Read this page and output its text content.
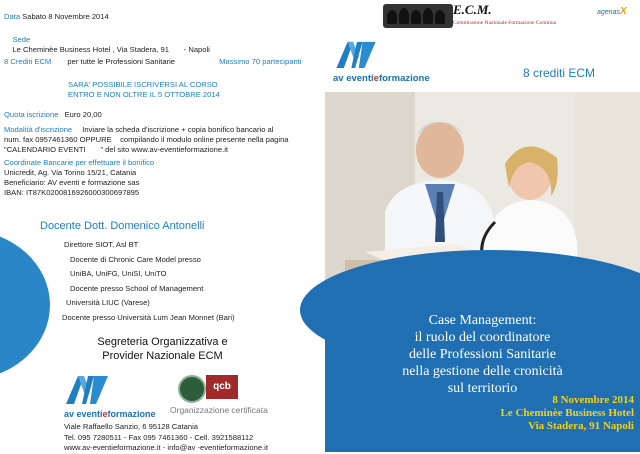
Data Sabato 8 Novembre 2014

Sede
Le Cheminèe Business Hotel , Via Stadera, 91       - Napoli

8 Crediti ECM per tutte le Professioni Sanitarie	Massimo 70 partecipanti
SARA' POSSIBILE ISCRIVERSI AL CORSO
ENTRO E NON OLTRE IL 5 OTTOBRE 2014
Quota iscrizione Euro 20,00
Modalità d'iscrizione Inviare la scheda d'iscrizione + copia bonifico bancario al
num. fax 0957461360 OPPURE    compilando il modulo online presente nella pagina
"CALENDARIO EVENTI       " del sito www.av-eventieformazione.it
Coordinate Bancarie per effettuare il bonifico
Unicredit, Ag. Via Torino 15/21, Catania
Beneficiario: AV eventi e formazione sas
IBAN: IT87K0200816926000300697895
Docente Dott. Domenico Antonelli
Direttore SIOT, Asl BT
Docente di Chronic Care Model presso
UniBA, UniFG, UniSI, UniTO
Docente presso School of Management
Università LIUC (Varese)
Docente presso Università Lum Jean Monnet (Bari)
Segreteria Organizzativa e
Provider Nazionale ECM
av eventieformazione
qcb
Organizzazione certificata
Viale Raffaello Sanzio, 6 95128 Catania
Tel. 095 7280511 - Fax 095 7461360 - Cell. 3921588112
www.av-eventieformazione.it - info@av -eventieformazione.it
E.C.M.
Commissione Nazionale Formazione Continua
agenasX
av eventieformazione	8 crediti ECM
Case Management:
il ruolo del coordinatore
delle Professioni Sanitarie
nella gestione delle cronicità
sul territorio
8 Novembre 2014
Le Cheminèe Business Hotel
Via Stadera, 91 Napoli
